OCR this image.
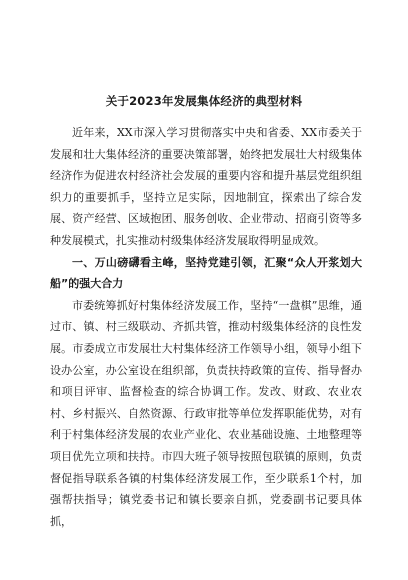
关于2023年发展集体经济的典型材料

近年来，XX市深入学习贯彻落实中央和省委、XX市委关于发展和壮大集体经济的重要决策部署，始终把发展壮大村级集体经济作为促进农村经济社会发展的重要内容和提升基层党组织组织力的重要抓手，坚持立足实际，因地制宜，探索出了综合发展、资产经营、区域抱团、服务创收、企业带动、招商引资等多种发展模式，扎实推动村级集体经济发展取得明显成效。

一、万山磅礴看主峰，坚持党建引领，汇聚“众人开浆划大船”的强大合力

市委统筹抓好村集体经济发展工作，坚持“一盘棋”思维，通过市、镇、村三级联动、齐抓共管，推动村级集体经济的良性发展。市委成立市发展壮大村集体经济工作领导小组，领导小组下设办公室，办公室设在组织部，负责扶持政策的宣传、指导督办和项目评审、监督检查的综合协调工作。发改、财政、农业农村、乡村振兴、自然资源、行政审批等单位发挥职能优势，对有利于村集体经济发展的农业产业化、农业基础设施、土地整理等项目优先立项和扶持。市四大班子领导按照包联镇的原则，负责督促指导联系各镇的村集体经济发展工作，至少联系1个村，加强帮扶指导；镇党委书记和镇长要亲自抓，党委副书记要具体抓，
